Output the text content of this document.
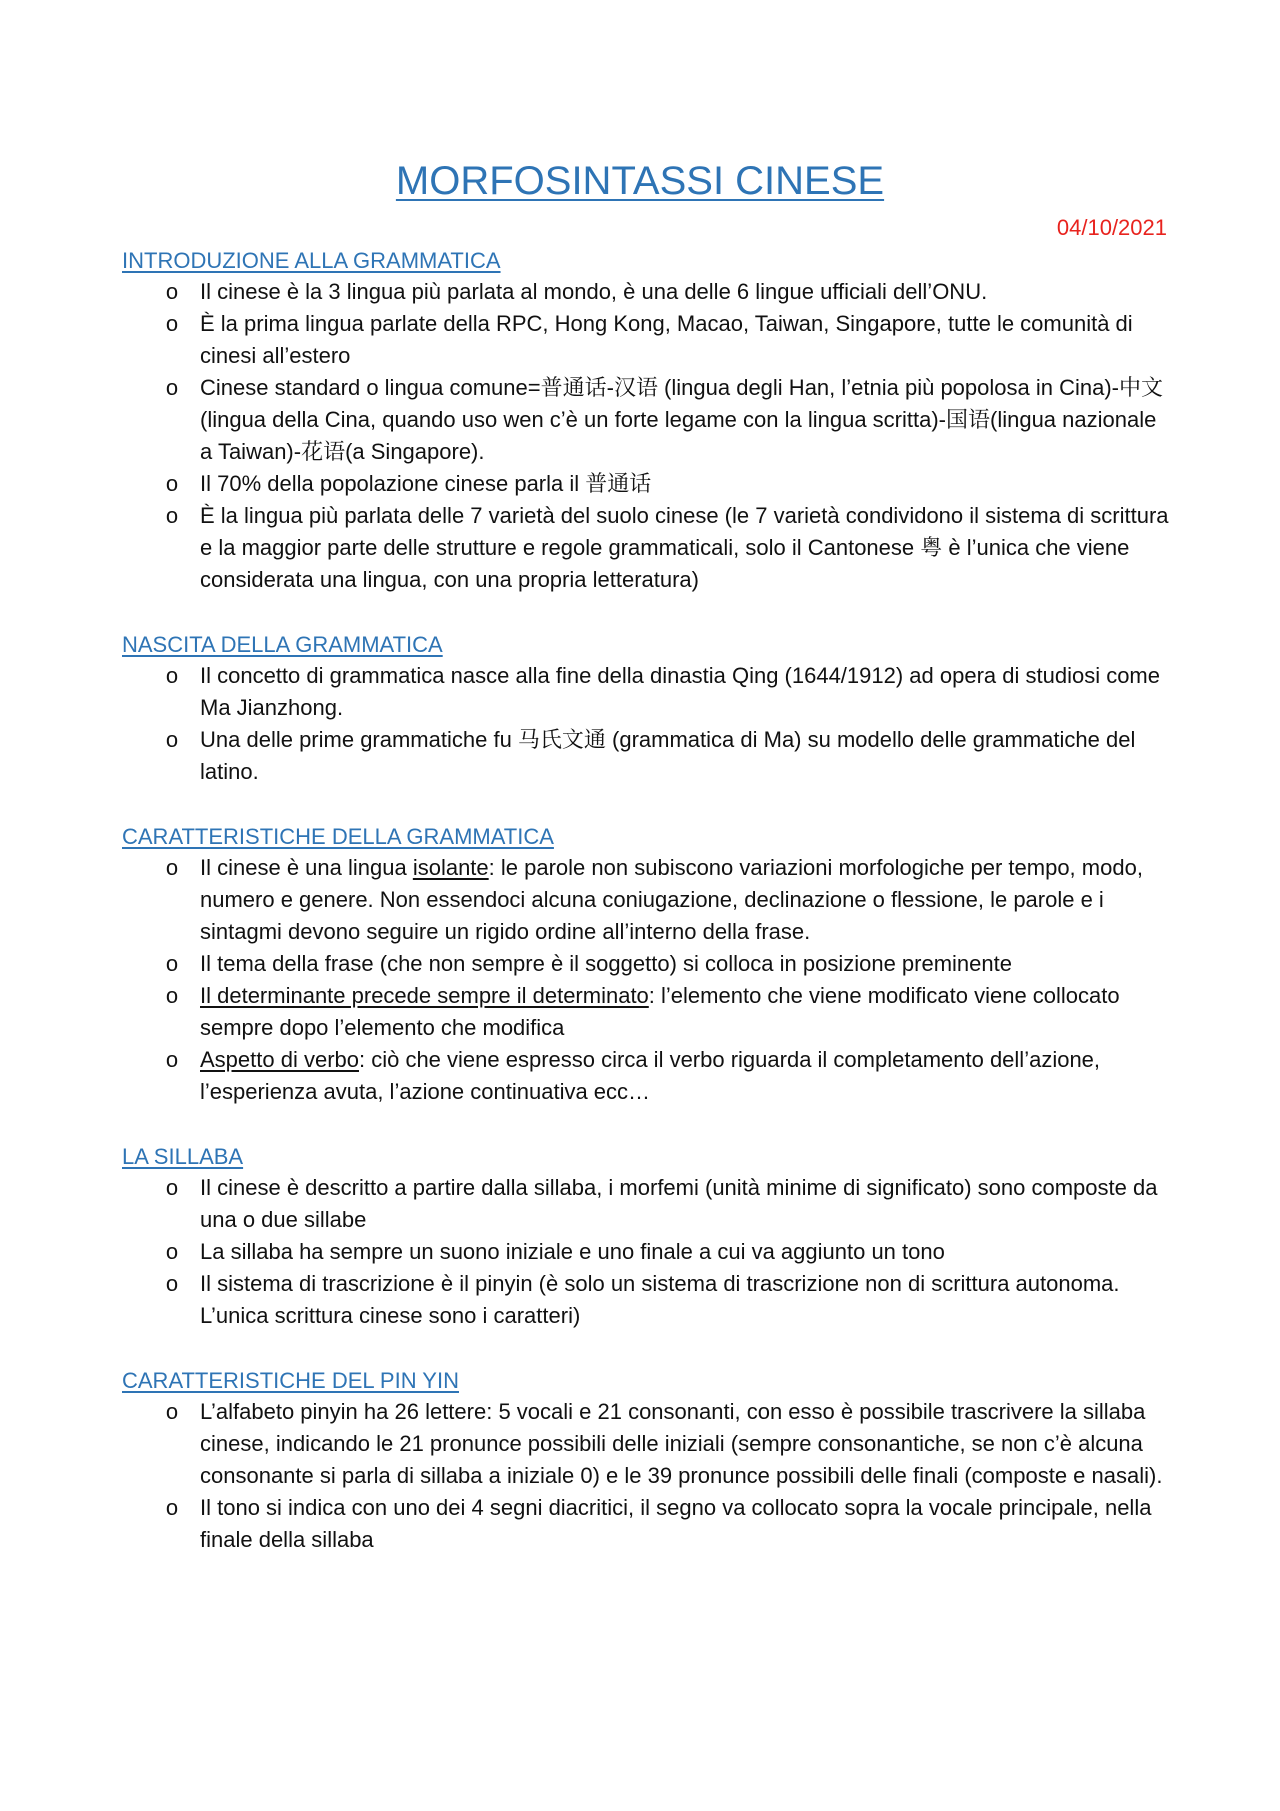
MORFOSINTASSI CINESE
04/10/2021
INTRODUZIONE ALLA GRAMMATICA
o Il cinese è la 3 lingua più parlata al mondo, è una delle 6 lingue ufficiali dell’ONU.
o È la prima lingua parlate della RPC, Hong Kong, Macao, Taiwan, Singapore, tutte le comunità di cinesi all’estero
o Cinese standard o lingua comune=普通话-汉语 (lingua degli Han, l’etnia più popolosa in Cina)-中文(lingua della Cina, quando uso wen c’è un forte legame con la lingua scritta)-国语(lingua nazionale a Taiwan)-花语(a Singapore).
o Il 70% della popolazione cinese parla il 普通话
o È la lingua più parlata delle 7 varietà del suolo cinese (le 7 varietà condividono il sistema di scrittura e la maggior parte delle strutture e regole grammaticali, solo il Cantonese 粤 è l’unica che viene considerata una lingua, con una propria letteratura)
NASCITA DELLA GRAMMATICA
o Il concetto di grammatica nasce alla fine della dinastia Qing (1644/1912) ad opera di studiosi come Ma Jianzhong.
o Una delle prime grammatiche fu 马氏文通 (grammatica di Ma) su modello delle grammatiche del latino.
CARATTERISTICHE DELLA GRAMMATICA
o Il cinese è una lingua isolante: le parole non subiscono variazioni morfologiche per tempo, modo, numero e genere. Non essendoci alcuna coniugazione, declinazione o flessione, le parole e i sintagmi devono seguire un rigido ordine all’interno della frase.
o Il tema della frase (che non sempre è il soggetto) si colloca in posizione preminente
o Il determinante precede sempre il determinato: l’elemento che viene modificato viene collocato sempre dopo l’elemento che modifica
o Aspetto di verbo: ciò che viene espresso circa il verbo riguarda il completamento dell’azione, l’esperienza avuta, l’azione continuativa ecc…
LA SILLABA
o Il cinese è descritto a partire dalla sillaba, i morfemi (unità minime di significato) sono composte da una o due sillabe
o La sillaba ha sempre un suono iniziale e uno finale a cui va aggiunto un tono
o Il sistema di trascrizione è il pinyin (è solo un sistema di trascrizione non di scrittura autonoma. L’unica scrittura cinese sono i caratteri)
CARATTERISTICHE DEL PIN YIN
o L’alfabeto pinyin ha 26 lettere: 5 vocali e 21 consonanti, con esso è possibile trascrivere la sillaba cinese, indicando le 21 pronunce possibili delle iniziali (sempre consonantiche, se non c’è alcuna consonante si parla di sillaba a iniziale 0) e le 39 pronunce possibili delle finali (composte e nasali).
o Il tono si indica con uno dei 4 segni diacritici, il segno va collocato sopra la vocale principale, nella finale della sillaba
